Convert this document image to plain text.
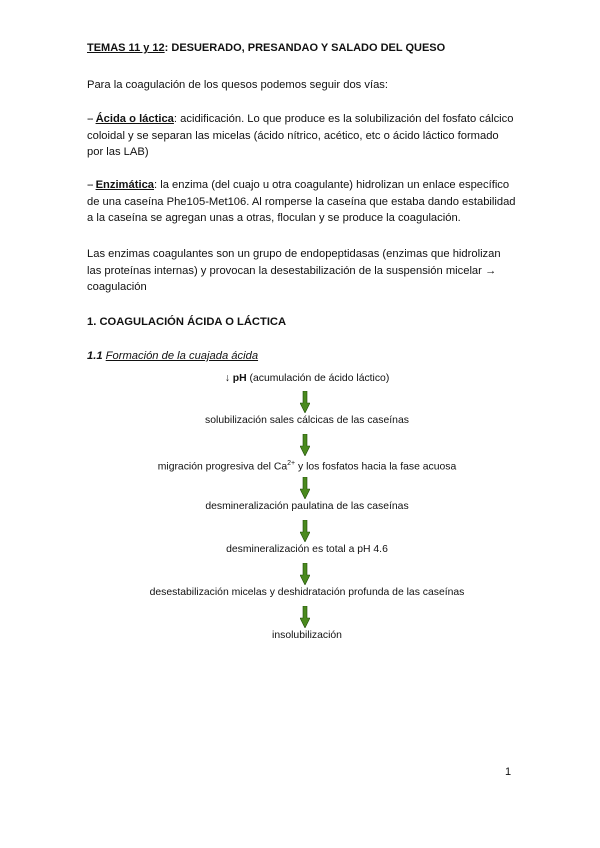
TEMAS 11 y 12: DESUERADO, PRESANDAO Y SALADO DEL QUESO
Para la coagulación de los quesos podemos seguir dos vías:
-- Ácida o láctica: acidificación. Lo que produce es la solubilización del fosfato cálcico coloidal y se separan las micelas (ácido nítrico, acético, etc o ácido láctico formado por las LAB)
-- Enzimática: la enzima (del cuajo u otra coagulante) hidrolizan un enlace específico de una caseína Phe105-Met106. Al romperse la caseína que estaba dando estabilidad a la caseína se agregan unas a otras, floculan y se produce la coagulación.
Las enzimas coagulantes son un grupo de endopeptidasas (enzimas que hidrolizan las proteínas internas) y provocan la desestabilización de la suspensión micelar → coagulación
1. COAGULACIÓN ÁCIDA O LÁCTICA
1.1 Formación de la cuajada ácida
↓ pH (acumulación de ácido láctico)
solubilización sales cálcicas de las caseínas
migración progresiva del $Ca^{2+}$ y los fosfatos hacia la fase acuosa
desmineralización paulatina de las caseínas
desmineralización es total a pH 4.6
desestabilización micelas y deshidratación profunda de las caseínas
insolubilización
1
